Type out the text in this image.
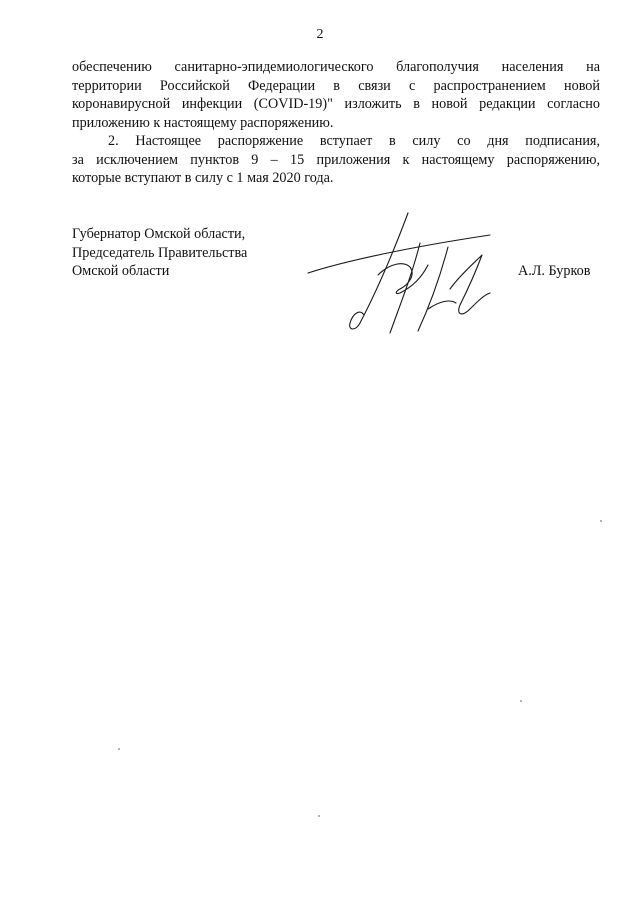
2
обеспечению санитарно-эпидемиологического благополучия населения на
территории Российской Федерации в связи с распространением новой
коронавирусной инфекции (COVID-19)" изложить в новой редакции согласно
приложению к настоящему распоряжению.
2. Настоящее распоряжение вступает в силу со дня подписания,
за исключением пунктов 9 – 15 приложения к настоящему распоряжению,
которые вступают в силу с 1 мая 2020 года.
Губернатор Омской области,
Председатель Правительства
Омской области	А.Л. Бурков
